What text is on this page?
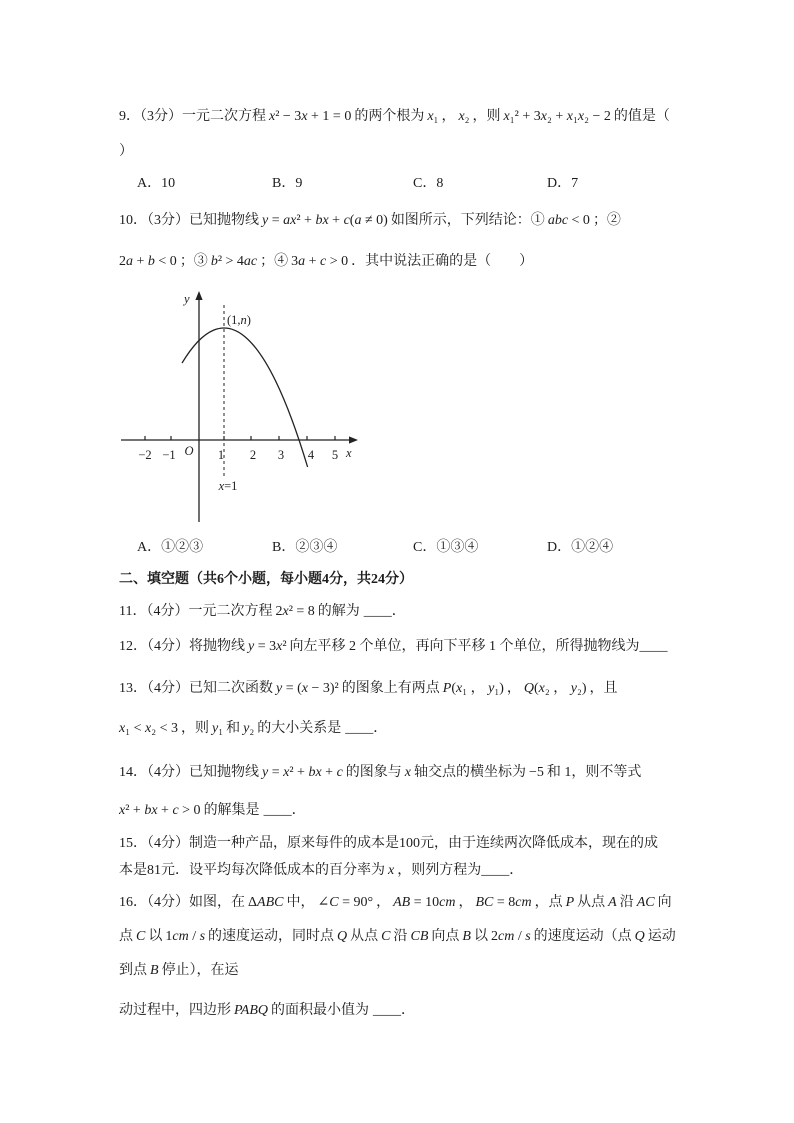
9．（3分）一元二次方程 x² − 3x + 1 = 0 的两个根为 x₁ ， x₂ ，则 x₁² + 3x₂ + x₁x₂ − 2 的值是（
）
A．10	B．9	C．8	D．7
10．（3分）已知抛物线 y = ax² + bx + c(a ≠ 0) 如图所示，下列结论：① abc < 0 ；②
2a + b < 0 ；③ b² > 4ac ；④ 3a + c > 0 ．其中说法正确的是（　　）
y
x
O
−2 −1	1 2 3 4 5
(1,n)
x=1
A．①②③	B．②③④	C．①③④	D．①②④
二、填空题（共6个小题，每小题4分，共24分）
11．（4分）一元二次方程 2x² = 8 的解为 ____ ．
12．（4分）将抛物线 y = 3x² 向左平移 2 个单位，再向下平移 1 个单位，所得抛物线为 ____
13．（4分）已知二次函数 y = (x − 3)² 的图象上有两点 P(x₁ ， y₁) ， Q(x₂ ， y₂) ，且
x₁ < x₂ < 3 ，则 y₁ 和 y₂ 的大小关系是 ____ ．
14．（4分）已知抛物线 y = x² + bx + c 的图象与 x 轴交点的横坐标为 −5 和 1，则不等式
x² + bx + c > 0 的解集是 ____ ．
15．（4分）制造一种产品，原来每件的成本是100元，由于连续两次降低成本，现在的成
本是81元．设平均每次降低成本的百分率为 x ，则列方程为 ____ ．
16．（4分）如图，在 ΔABC 中， ∠C = 90° ， AB = 10cm ， BC = 8cm ，点 P 从点 A 沿 AC 向
点 C 以 1cm / s 的速度运动，同时点 Q 从点 C 沿 CB 向点 B 以 2cm / s 的速度运动（点 Q 运动
到点 B 停止），在运
动过程中，四边形 PABQ 的面积最小值为 ____ ．
